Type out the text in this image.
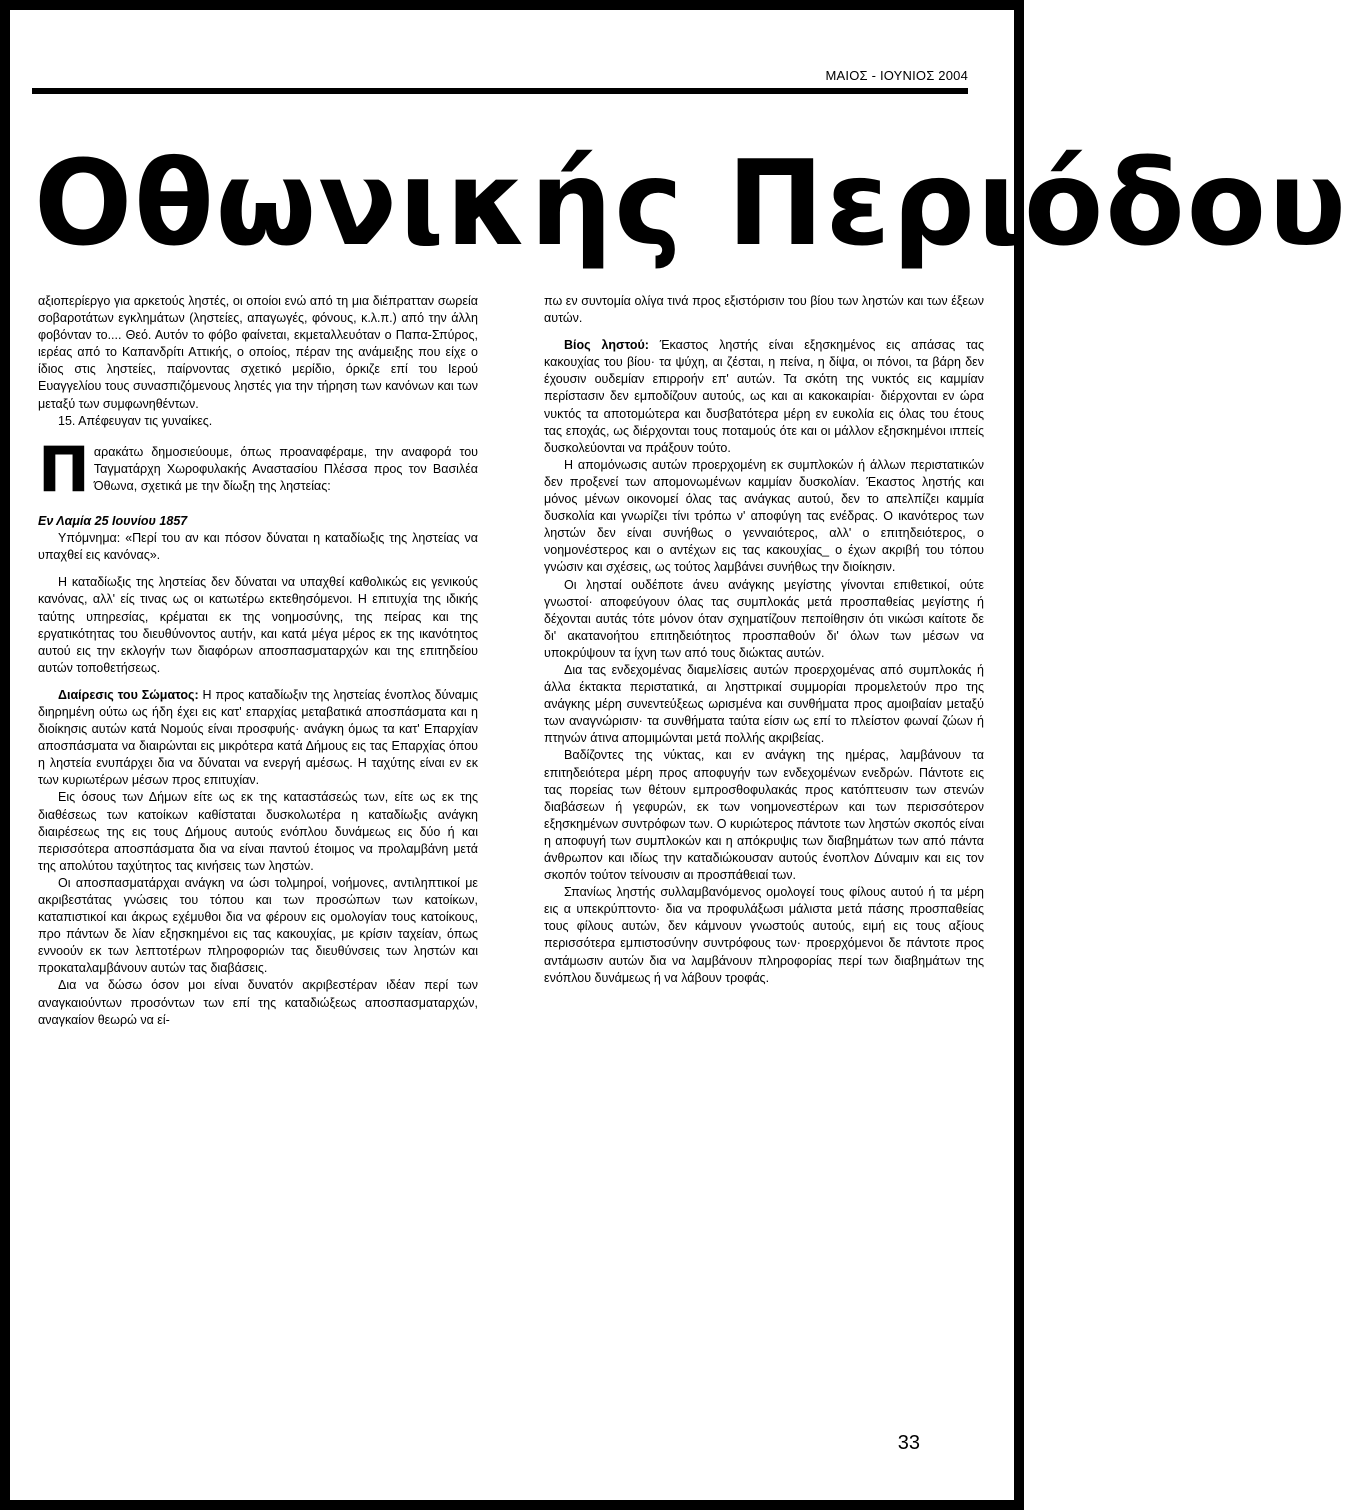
ΜΑΙΟΣ - ΙΟΥΝΙΟΣ 2004
Οθωνικής Περιόδου

αξιοπερίεργο για αρκετούς ληστές, οι οποίοι ενώ από τη μια διέπρατταν σωρεία σοβαροτάτων εγκλημάτων (ληστείες, απαγωγές, φόνους, κ.λ.π.) από την άλλη φοβόνταν το.... Θεό. Αυτόν το φόβο φαίνεται, εκμεταλλευόταν ο Παπα-Σπύρος, ιερέας από το Καπανδρίτι Αττικής, ο οποίος, πέραν της ανάμειξης που είχε ο ίδιος στις ληστείες, παίρνοντας σχετικό μερίδιο, όρκιζε επί του Ιερού Ευαγγελίου τους συνασπιζόμενους ληστές για την τήρηση των κανόνων και των μεταξύ των συμφωνηθέντων.

15. Απέφευγαν τις γυναίκες.

Παρακάτω δημοσιεύουμε, όπως προαναφέραμε, την αναφορά του Ταγματάρχη Χωροφυλακής Αναστασίου Πλέσσα προς τον Βασιλέα Όθωνα, σχετικά με την δίωξη της ληστείας:

Εν Λαμία 25 Ιουνίου 1857

Υπόμνημα: «Περί του αν και πόσον δύναται η καταδίωξις της ληστείας να υπαχθεί εις κανόνας».

Η καταδίωξις της ληστείας δεν δύναται να υπαχθεί καθολικώς εις γενικούς κανόνας, αλλ' είς τινας ως οι κατωτέρω εκτεθησόμενοι. Η επιτυχία της ιδικής ταύτης υπηρεσίας, κρέμαται εκ της νοημοσύνης, της πείρας και της εργατικότητας του διευθύνοντος αυτήν, και κατά μέγα μέρος εκ της ικανότητος αυτού εις την εκλογήν των διαφόρων αποσπασματαρχών και της επιτηδείου αυτών τοποθετήσεως.

Διαίρεσις του Σώματος: Η προς καταδίωξιν της ληστείας ένοπλος δύναμις διηρημένη ούτω ως ήδη έχει εις κατ' επαρχίας μεταβατικά αποσπάσματα και η διοίκησις αυτών κατά Νομούς είναι προσφυής· ανάγκη όμως τα κατ' Επαρχίαν αποσπάσματα να διαιρώνται εις μικρότερα κατά Δήμους εις τας Επαρχίας όπου η ληστεία ενυπάρχει δια να δύναται να ενεργή αμέσως. Η ταχύτης είναι εν εκ των κυριωτέρων μέσων προς επιτυχίαν.

Εις όσους των Δήμων είτε ως εκ της καταστάσεώς των, είτε ως εκ της διαθέσεως των κατοίκων καθίσταται δυσκολωτέρα η καταδίωξις ανάγκη διαιρέσεως της εις τους Δήμους αυτούς ενόπλου δυνάμεως εις δύο ή και περισσότερα αποσπάσματα δια να είναι παντού έτοιμος να προλαμβάνη μετά της απολύτου ταχύτητος τας κινήσεις των ληστών.

Οι αποσπασματάρχαι ανάγκη να ώσι τολμηροί, νοήμονες, αντιληπτικοί με ακριβεστάτας γνώσεις του τόπου και των προσώπων των κατοίκων, καταπιστικοί και άκρως εχέμυθοι δια να φέρουν εις ομολογίαν τους κατοίκους, προ πάντων δε λίαν εξησκημένοι εις τας κακουχίας, με κρίσιν ταχείαν, όπως εννοούν εκ των λεπτοτέρων πληροφοριών τας διευθύνσεις των ληστών και προκαταλαμβάνουν αυτών τας διαβάσεις.

Δια να δώσω όσον μοι είναι δυνατόν ακριβεστέραν ιδέαν περί των αναγκαιούντων προσόντων των επί της καταδιώξεως αποσπασματαρχών, αναγκαίον θεωρώ να εί-

πω εν συντομία ολίγα τινά προς εξιστόρισιν του βίου των ληστών και των έξεων αυτών.

Βίος ληστού: Έκαστος ληστής είναι εξησκημένος εις απάσας τας κακουχίας του βίου· τα ψύχη, αι ζέσται, η πείνα, η δίψα, οι πόνοι, τα βάρη δεν έχουσιν ουδεμίαν επιρροήν επ' αυτών. Τα σκότη της νυκτός εις καμμίαν περίστασιν δεν εμποδίζουν αυτούς, ως και αι κακοκαιρίαι· διέρχονται εν ώρα νυκτός τα αποτομώτερα και δυσβατότερα μέρη εν ευκολία εις όλας του έτους τας εποχάς, ως διέρχονται τους ποταμούς ότε και οι μάλλον εξησκημένοι ιππείς δυσκολεύονται να πράξουν τούτο.

Η απομόνωσις αυτών προερχομένη εκ συμπλοκών ή άλλων περιστατικών δεν προξενεί των απομονωμένων καμμίαν δυσκολίαν. Έκαστος ληστής και μόνος μένων οικονομεί όλας τας ανάγκας αυτού, δεν το απελπίζει καμμία δυσκολία και γνωρίζει τίνι τρόπω ν' αποφύγη τας ενέδρας. Ο ικανότερος των ληστών δεν είναι συνήθως ο γενναιότερος, αλλ' ο επιτηδειότερος, ο νοημονέστερος και ο αντέχων εις τας κακουχίας_ ο έχων ακριβή του τόπου γνώσιν και σχέσεις, ως τούτος λαμβάνει συνήθως την διοίκησιν.

Οι λησταί ουδέποτε άνευ ανάγκης μεγίστης γίνονται επιθετικοί, ούτε γνωστοί· αποφεύγουν όλας τας συμπλοκάς μετά προσπαθείας μεγίστης ή δέχονται αυτάς τότε μόνον όταν σχηματίζουν πεποίθησιν ότι νικώσι καίτοτε δε δι' ακατανοήτου επιτηδειότητος προσπαθούν δι' όλων των μέσων να υποκρύψουν τα ίχνη των από τους διώκτας αυτών.

Δια τας ενδεχομένας διαμελίσεις αυτών προερχομένας από συμπλοκάς ή άλλα έκτακτα περιστατικά, αι λησττρικαί συμμορίαι προμελετούν προ της ανάγκης μέρη συνεντεύξεως ωρισμένα και συνθήματα προς αμοιβαίαν μεταξύ των αναγνώρισιν· τα συνθήματα ταύτα είσιν ως επί το πλείστον φωναί ζώων ή πτηνών άτινα απομιμώνται μετά πολλής ακριβείας.

Βαδίζοντες της νύκτας, και εν ανάγκη της ημέρας, λαμβάνουν τα επιτηδειότερα μέρη προς αποφυγήν των ενδεχομένων ενεδρών. Πάντοτε εις τας πορείας των θέτουν εμπροσθοφυλακάς προς κατόπτευσιν των στενών διαβάσεων ή γεφυρών, εκ των νοημονεστέρων και των περισσότερον εξησκημένων συντρόφων των. Ο κυριώτερος πάντοτε των ληστών σκοπός είναι η αποφυγή των συμπλοκών και η απόκρυψις των διαβημάτων των από πάντα άνθρωπον και ιδίως την καταδιώκουσαν αυτούς ένοπλον Δύναμιν και εις τον σκοπόν τούτον τείνουσιν αι προσπάθειαί των.

Σπανίως ληστής συλλαμβανόμενος ομολογεί τους φίλους αυτού ή τα μέρη εις α υπεκρύπτοντο· δια να προφυλάξωσι μάλιστα μετά πάσης προσπαθείας τους φίλους αυτών, δεν κάμνουν γνωστούς αυτούς, ειμή εις τους αξίους περισσότερα εμπιστοσύνην συντρόφους των· προερχόμενοι δε πάντοτε προς αντάμωσιν αυτών δια να λαμβάνουν πληροφορίας περί των διαβημάτων της ενόπλου δυνάμεως ή να λάβουν τροφάς.

33
